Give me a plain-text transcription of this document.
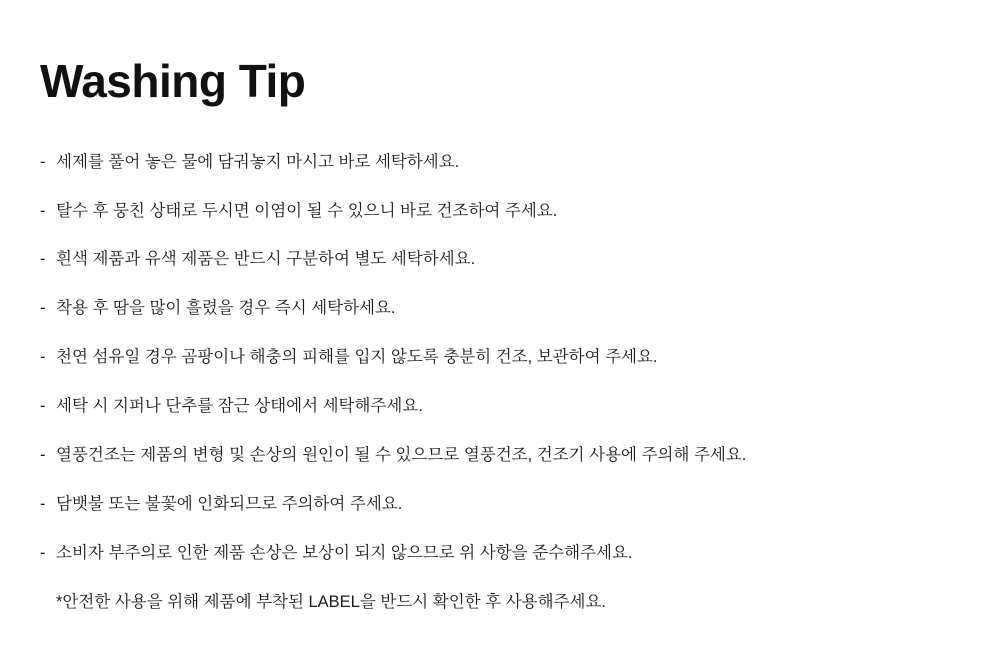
Washing Tip
- 세제를 풀어 놓은 물에 담궈놓지 마시고 바로 세탁하세요.
- 탈수 후 뭉친 상태로 두시면 이염이 될 수 있으니 바로 건조하여 주세요.
- 흰색 제품과 유색 제품은 반드시 구분하여 별도 세탁하세요.
- 착용 후 땀을 많이 흘렸을 경우 즉시 세탁하세요.
- 천연 섬유일 경우 곰팡이나 해충의 피해를 입지 않도록 충분히 건조, 보관하여 주세요.
- 세탁 시 지퍼나 단추를 잠근 상태에서 세탁해주세요.
- 열풍건조는 제품의 변형 및 손상의 원인이 될 수 있으므로 열풍건조, 건조기 사용에 주의해 주세요.
- 담뱃불 또는 불꽃에 인화되므로 주의하여 주세요.
- 소비자 부주의로 인한 제품 손상은 보상이 되지 않으므로 위 사항을 준수해주세요.

*안전한 사용을 위해 제품에 부착된 LABEL을 반드시 확인한 후 사용해주세요.
